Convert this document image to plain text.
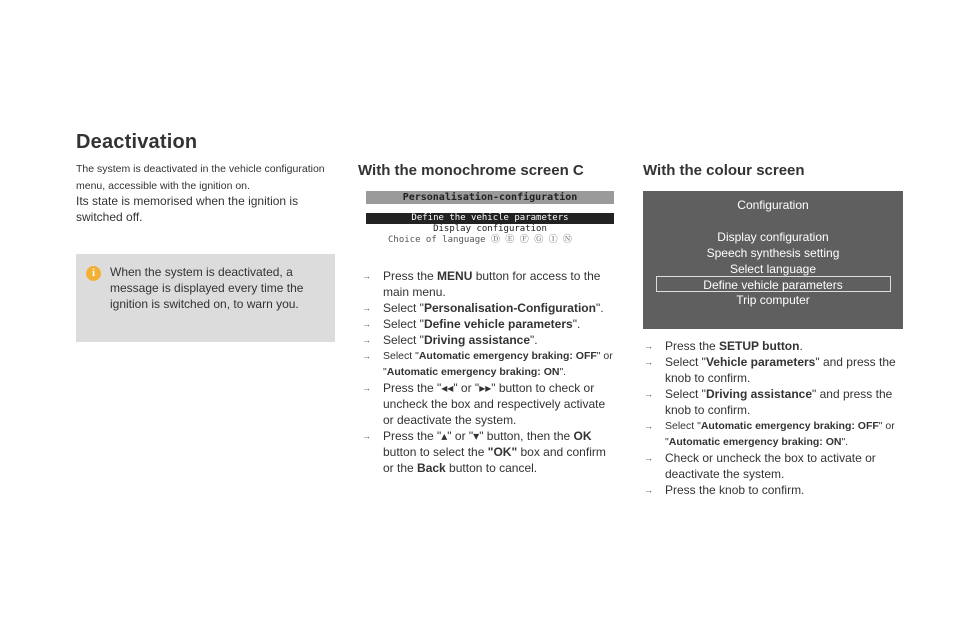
Deactivation
The system is deactivated in the vehicle configuration menu, accessible with the ignition on.
Its state is memorised when the ignition is switched off.
i	When the system is deactivated, a message is displayed every time the ignition is switched on, to warn you.
With the monochrome screen C	With the colour screen
Personalisation-configuration
Define the vehicle parameters
Display configuration
Choice of language Ⓓ Ⓔ Ⓕ Ⓖ Ⓘ Ⓝ
→ Press the MENU button for access to the main menu.
→ Select "Personalisation-Configuration".
→ Select "Define vehicle parameters".
→ Select "Driving assistance".
→ Select "Automatic emergency braking: OFF" or "Automatic emergency braking: ON".
→ Press the "◂◂" or "▸▸" button to check or uncheck the box and respectively activate or deactivate the system.
→ Press the "▴" or "▾" button, then the OK button to select the "OK" box and confirm or the Back button to cancel.
Configuration
Display configuration
Speech synthesis setting
Select language
Define vehicle parameters
Trip computer
→ Press the SETUP button.
→ Select "Vehicle parameters" and press the knob to confirm.
→ Select "Driving assistance" and press the knob to confirm.
→ Select "Automatic emergency braking: OFF" or "Automatic emergency braking: ON".
→ Check or uncheck the box to activate or deactivate the system.
→ Press the knob to confirm.
